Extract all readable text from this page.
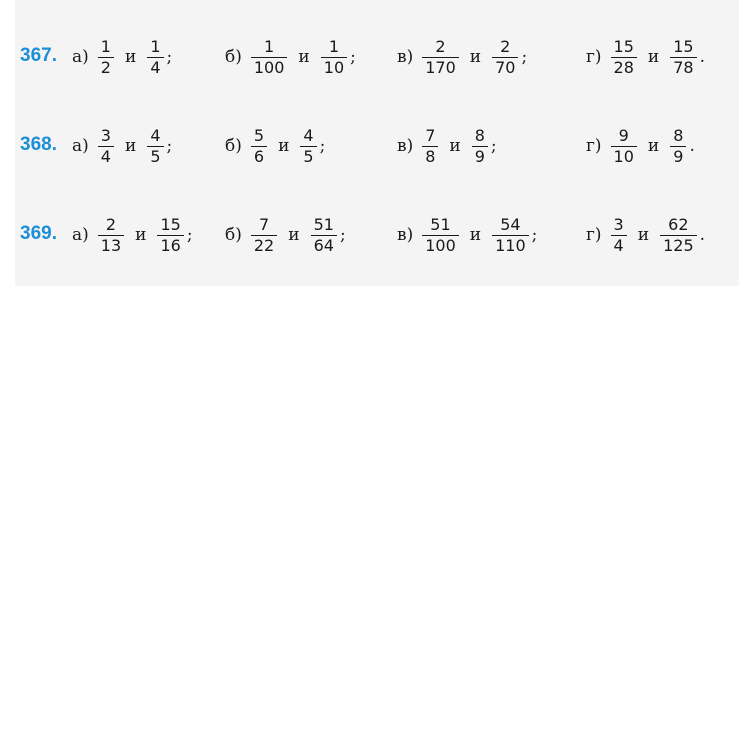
367. $а) \frac{1}{2}$ и $\frac{1}{4}$ ;	$б) \frac{1}{100}$ и $\frac{1}{10}$ ; $в) \frac{2}{170}$ и $\frac{2}{70}$ ;	$г) \frac{15}{28}$ и $\frac{15}{78}$ .
368. $а) \frac{3}{4}$ и $\frac{4}{5}$ ;	$б) \frac{5}{6}$ и $\frac{4}{5}$ ;	$в) \frac{7}{8}$ и $\frac{8}{9}$ ;	$г) \frac{9}{10}$ и $\frac{8}{9}$ .
369. $а) \frac{2}{13}$ и $\frac{15}{16}$ ; $б) \frac{7}{22}$ и $\frac{51}{64}$ ;	$в) \frac{51}{100}$ и $\frac{54}{110}$ ;	$г) \frac{3}{4}$ и $\frac{62}{125}$ .
